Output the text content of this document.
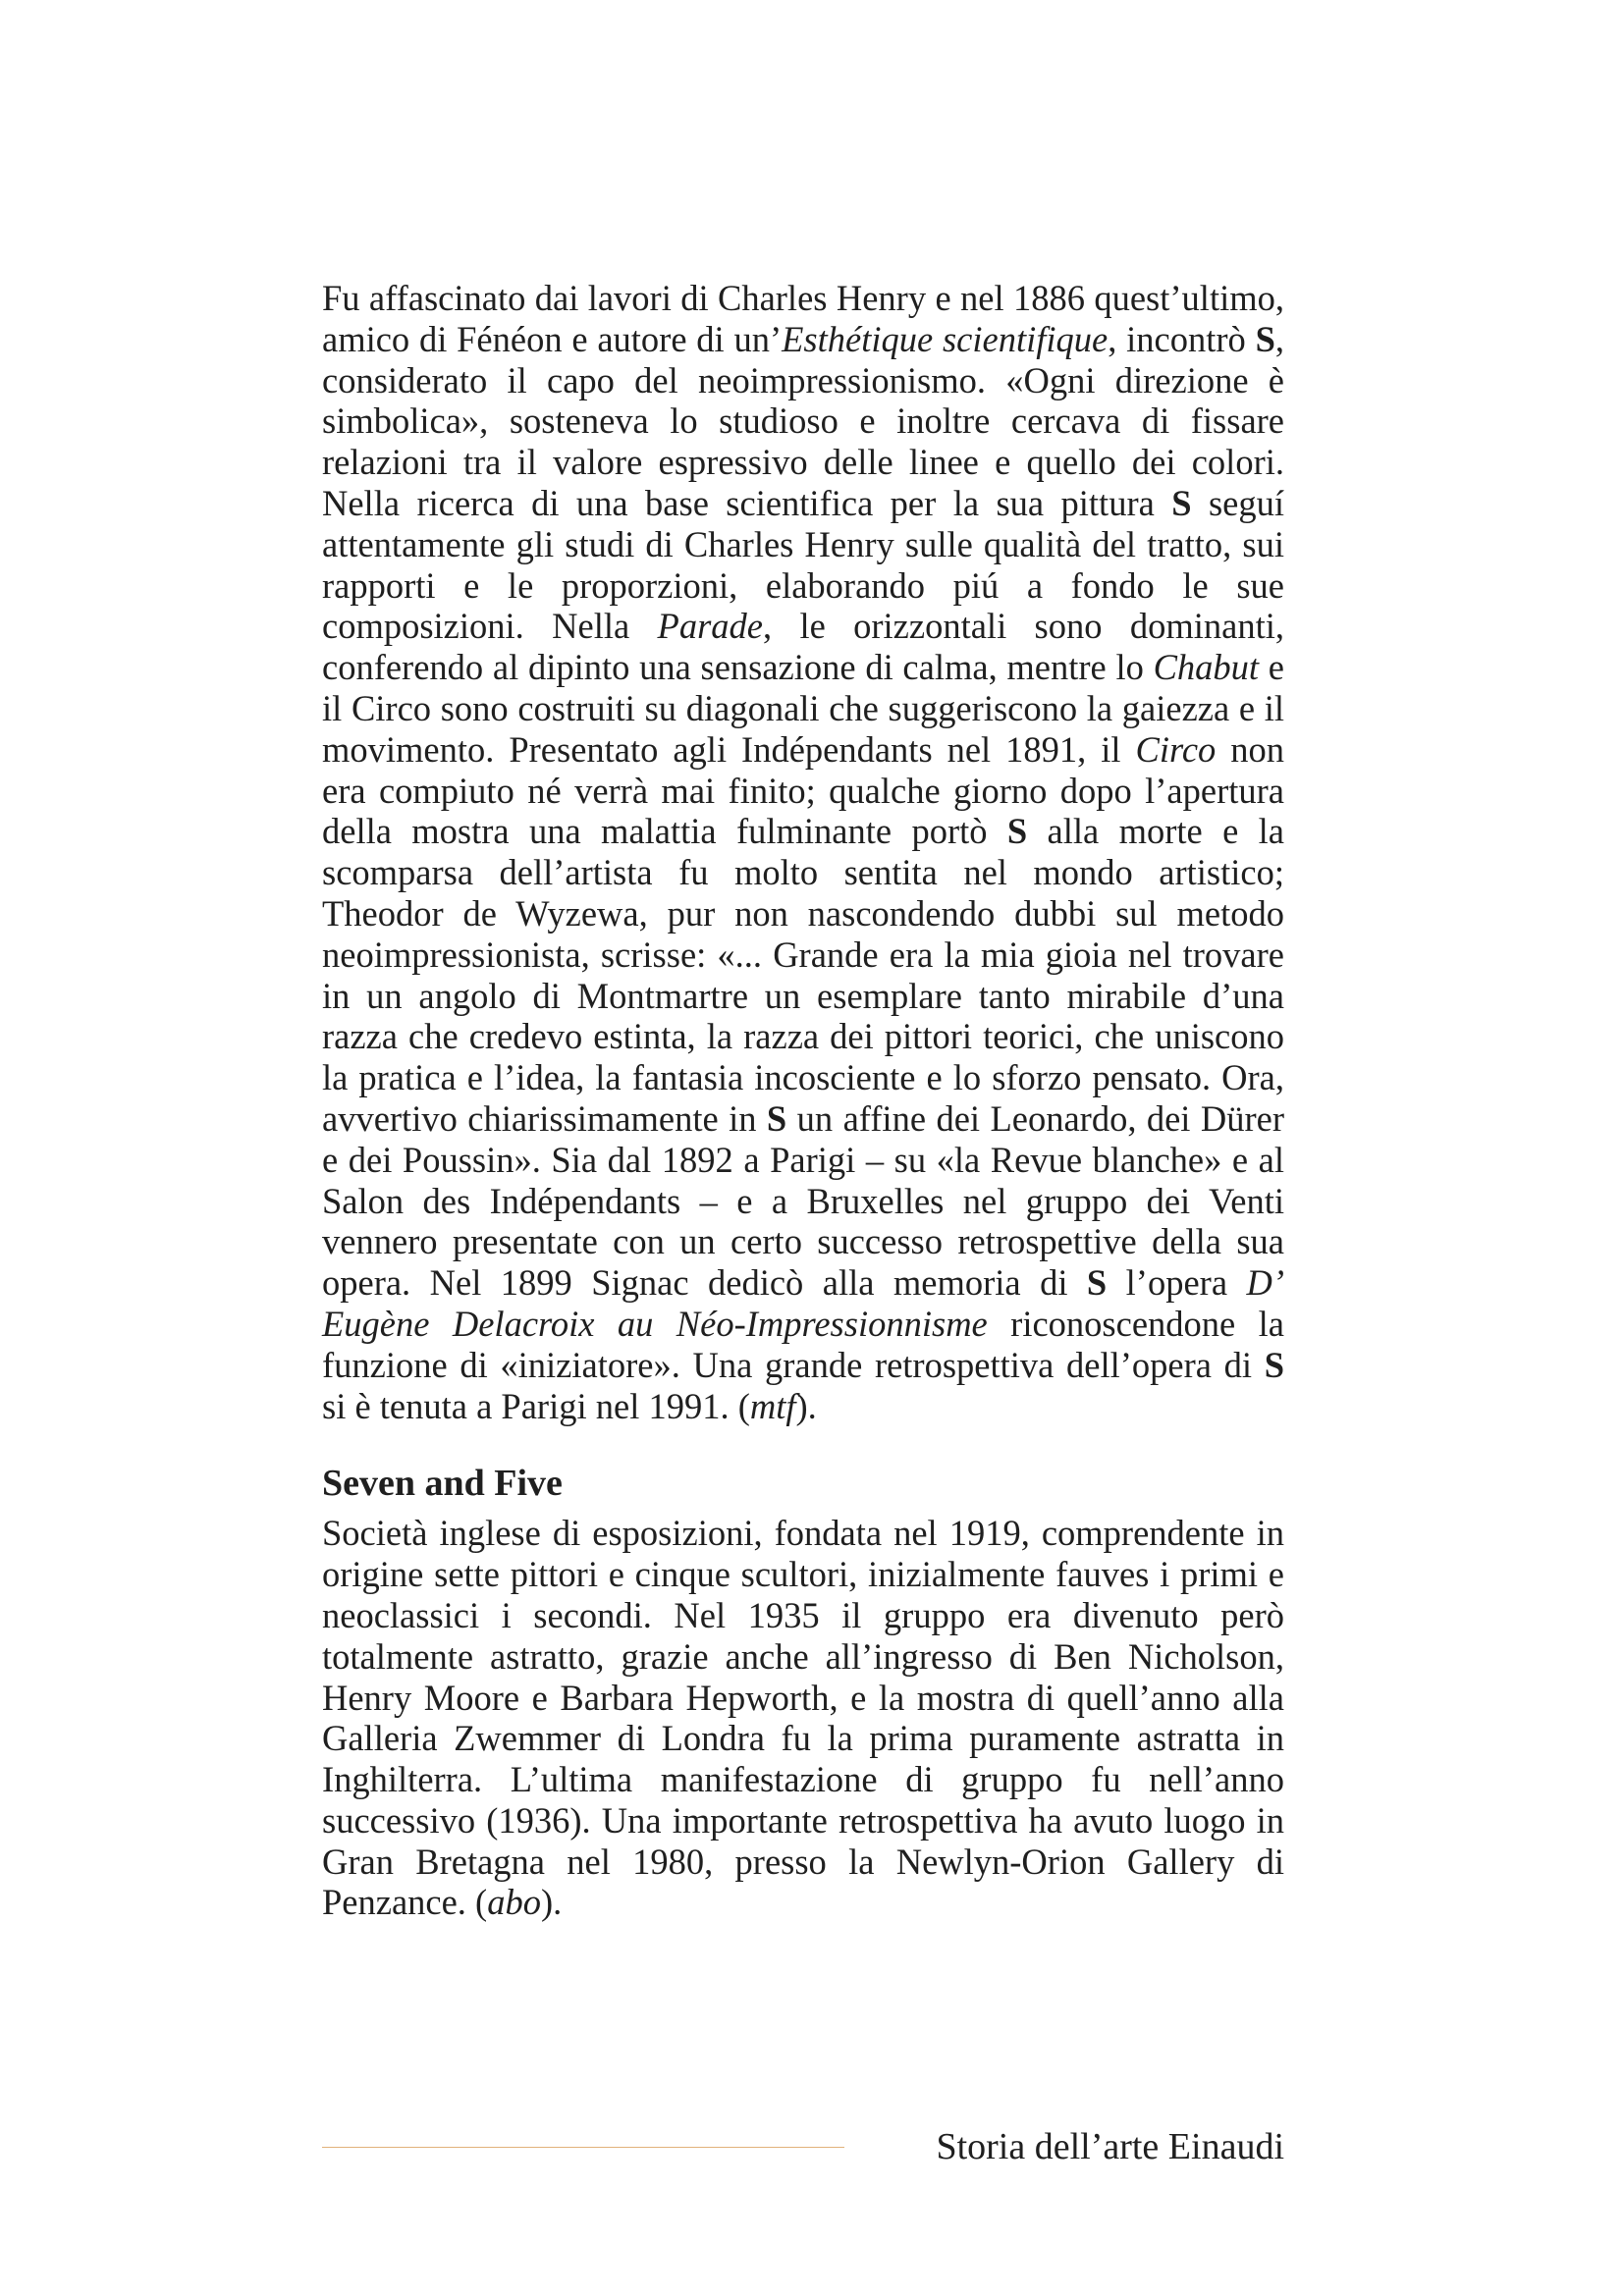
Fu affascinato dai lavori di Charles Henry e nel 1886 quest’ultimo, amico di Fénéon e autore di un’Esthétique scientifique, incontrò S, considerato il capo del neoimpressionismo. «Ogni direzione è simbolica», sosteneva lo studioso e inoltre cercava di fissare relazioni tra il valore espressivo delle linee e quello dei colori. Nella ricerca di una base scientifica per la sua pittura S seguí attentamente gli studi di Charles Henry sulle qualità del tratto, sui rapporti e le proporzioni, elaborando piú a fondo le sue composizioni. Nella Parade, le orizzontali sono dominanti, conferendo al dipinto una sensazione di calma, mentre lo Chabut e il Circo sono costruiti su diagonali che suggeriscono la gaiezza e il movimento. Presentato agli Indépendants nel 1891, il Circo non era compiuto né verrà mai finito; qualche giorno dopo l’apertura della mostra una malattia fulminante portò S alla morte e la scomparsa dell’artista fu molto sentita nel mondo artistico; Theodor de Wyzewa, pur non nascondendo dubbi sul metodo neoimpressionista, scrisse: «... Grande era la mia gioia nel trovare in un angolo di Montmartre un esemplare tanto mirabile d’una razza che credevo estinta, la razza dei pittori teorici, che uniscono la pratica e l’idea, la fantasia incosciente e lo sforzo pensato. Ora, avvertivo chiarissimamente in S un affine dei Leonardo, dei Dürer e dei Poussin». Sia dal 1892 a Parigi – su «la Revue blanche» e al Salon des Indépendants – e a Bruxelles nel gruppo dei Venti vennero presentate con un certo successo retrospettive della sua opera. Nel 1899 Signac dedicò alla memoria di S l’opera D’ Eugène Delacroix au Néo-Impressionnisme riconoscendone la funzione di «iniziatore». Una grande retrospettiva dell’opera di S si è tenuta a Parigi nel 1991. (mtf).

Seven and Five

Società inglese di esposizioni, fondata nel 1919, comprendente in origine sette pittori e cinque scultori, inizialmente fauves i primi e neoclassici i secondi. Nel 1935 il gruppo era divenuto però totalmente astratto, grazie anche all’ingresso di Ben Nicholson, Henry Moore e Barbara Hepworth, e la mostra di quell’anno alla Galleria Zwemmer di Londra fu la prima puramente astratta in Inghilterra. L’ultima manifestazione di gruppo fu nell’anno successivo (1936). Una importante retrospettiva ha avuto luogo in Gran Bretagna nel 1980, presso la Newlyn-Orion Gallery di Penzance. (abo).

Storia dell’arte Einaudi
